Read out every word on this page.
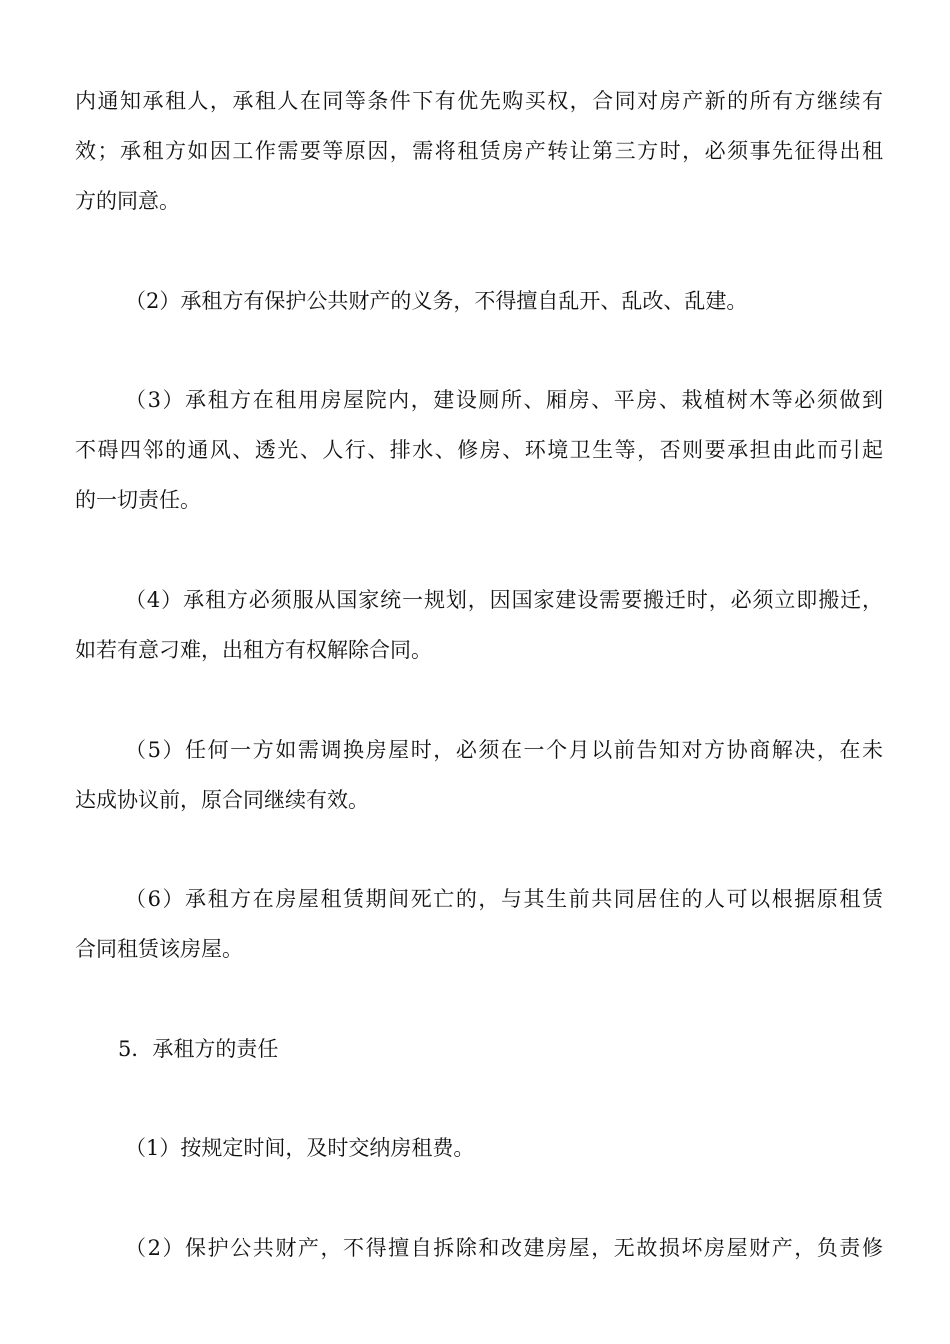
内通知承租人，承租人在同等条件下有优先购买权，合同对房产新的所有方继续有
效；承租方如因工作需要等原因，需将租赁房产转让第三方时，必须事先征得出租
方的同意。
（2）承租方有保护公共财产的义务，不得擅自乱开、乱改、乱建。
（3）承租方在租用房屋院内，建设厕所、厢房、平房、栽植树木等必须做到
不碍四邻的通风、透光、人行、排水、修房、环境卫生等，否则要承担由此而引起
的一切责任。
（4）承租方必须服从国家统一规划，因国家建设需要搬迁时，必须立即搬迁，
如若有意刁难，出租方有权解除合同。
（5）任何一方如需调换房屋时，必须在一个月以前告知对方协商解决，在未
达成协议前，原合同继续有效。
（6）承租方在房屋租赁期间死亡的，与其生前共同居住的人可以根据原租赁
合同租赁该房屋。
5．承租方的责任
（1）按规定时间，及时交纳房租费。
（2）保护公共财产，不得擅自拆除和改建房屋，无故损坏房屋财产，负责修
